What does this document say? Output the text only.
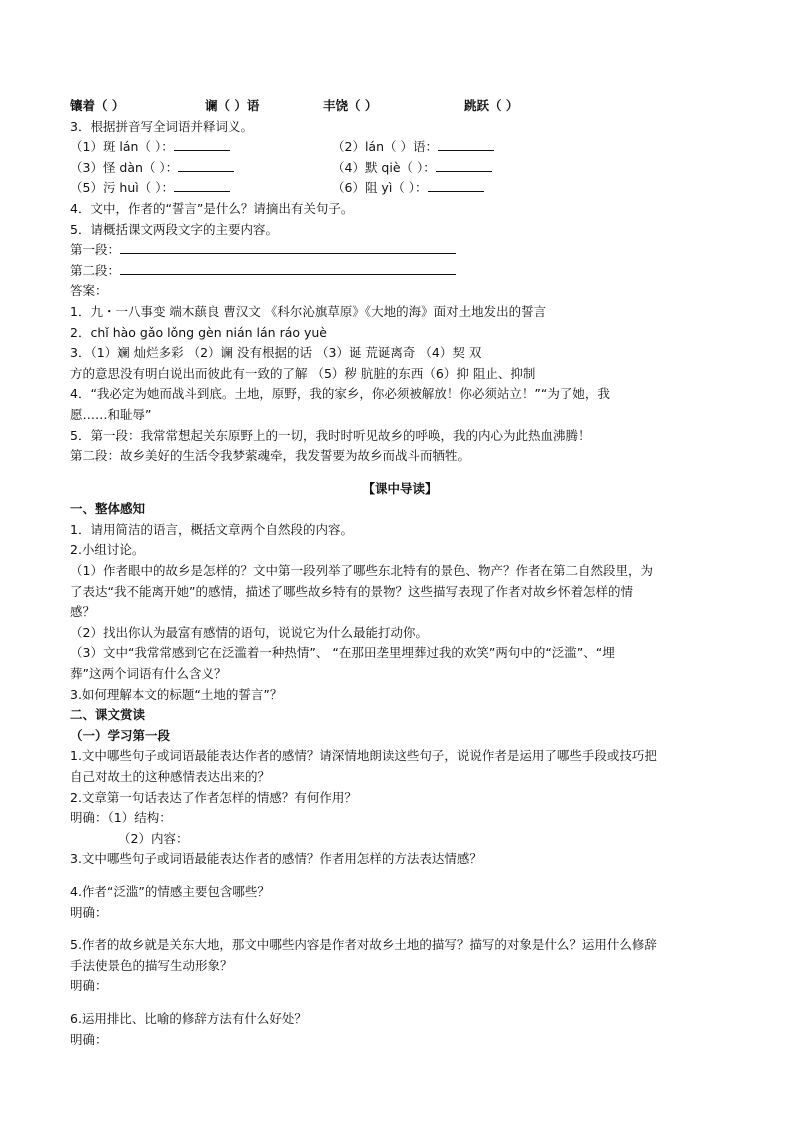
镶着（ ）	谰（ ）语	丰饶（ ）	跳跃（ ）
3．根据拼音写全词语并释词义。
（1）斑 lán（ ）：	（2）lán（ ）语：
（3）怪 dàn（ ）：	（4）默 qiè（ ）：
（5）污 huì（ ）：	（6）阻 yì（ ）：
4．文中，作者的“誓言”是什么？请摘出有关句子。
5．请概括课文两段文字的主要内容。
第一段：
第二段：
答案：
1．九・一八事变 端木蕻良 曹汉文 《科尔沁旗草原》《大地的海》面对土地发出的誓言
2．chǐ hào gǎo lǒng gèn nián lán ráo yuè
3．（1）斓 灿烂多彩 （2）谰 没有根据的话 （3）诞 荒诞离奇 （4）契 双
方的意思没有明白说出而彼此有一致的了解 （5）秽 肮脏的东西（6）抑 阻止、抑制
4．“我必定为她而战斗到底。土地，原野，我的家乡，你必须被解放！你必须站立！”“为了她，我
愿……和耻辱”
5．第一段：我常常想起关东原野上的一切，我时时听见故乡的呼唤，我的内心为此热血沸腾！
第二段：故乡美好的生活令我梦萦魂牵，我发誓要为故乡而战斗而牺牲。
【课中导读】
一、整体感知
1．请用简洁的语言，概括文章两个自然段的内容。
2.小组讨论。
（1）作者眼中的故乡是怎样的？文中第一段列举了哪些东北特有的景色、物产？作者在第二自然段里，为
了表达“我不能离开她”的感情，描述了哪些故乡特有的景物？这些描写表现了作者对故乡怀着怎样的情
感？
（2）找出你认为最富有感情的语句，说说它为什么最能打动你。
（3）文中“我常常感到它在泛滥着一种热情”、 “在那田垄里埋葬过我的欢笑”两句中的“泛滥”、“埋
葬”这两个词语有什么含义？
3.如何理解本文的标题“土地的誓言”？
二、课文赏读
（一）学习第一段
1.文中哪些句子或词语最能表达作者的感情？请深情地朗读这些句子，说说作者是运用了哪些手段或技巧把
自己对故土的这种感情表达出来的？
2.文章第一句话表达了作者怎样的情感？有何作用？
明确：（1）结构：
（2）内容：
3.文中哪些句子或词语最能表达作者的感情？作者用怎样的方法表达情感？
4.作者“泛滥”的情感主要包含哪些？
明确：
5.作者的故乡就是关东大地，那文中哪些内容是作者对故乡土地的描写？描写的对象是什么？运用什么修辞
手法使景色的描写生动形象？
明确：
6.运用排比、比喻的修辞方法有什么好处？
明确：
